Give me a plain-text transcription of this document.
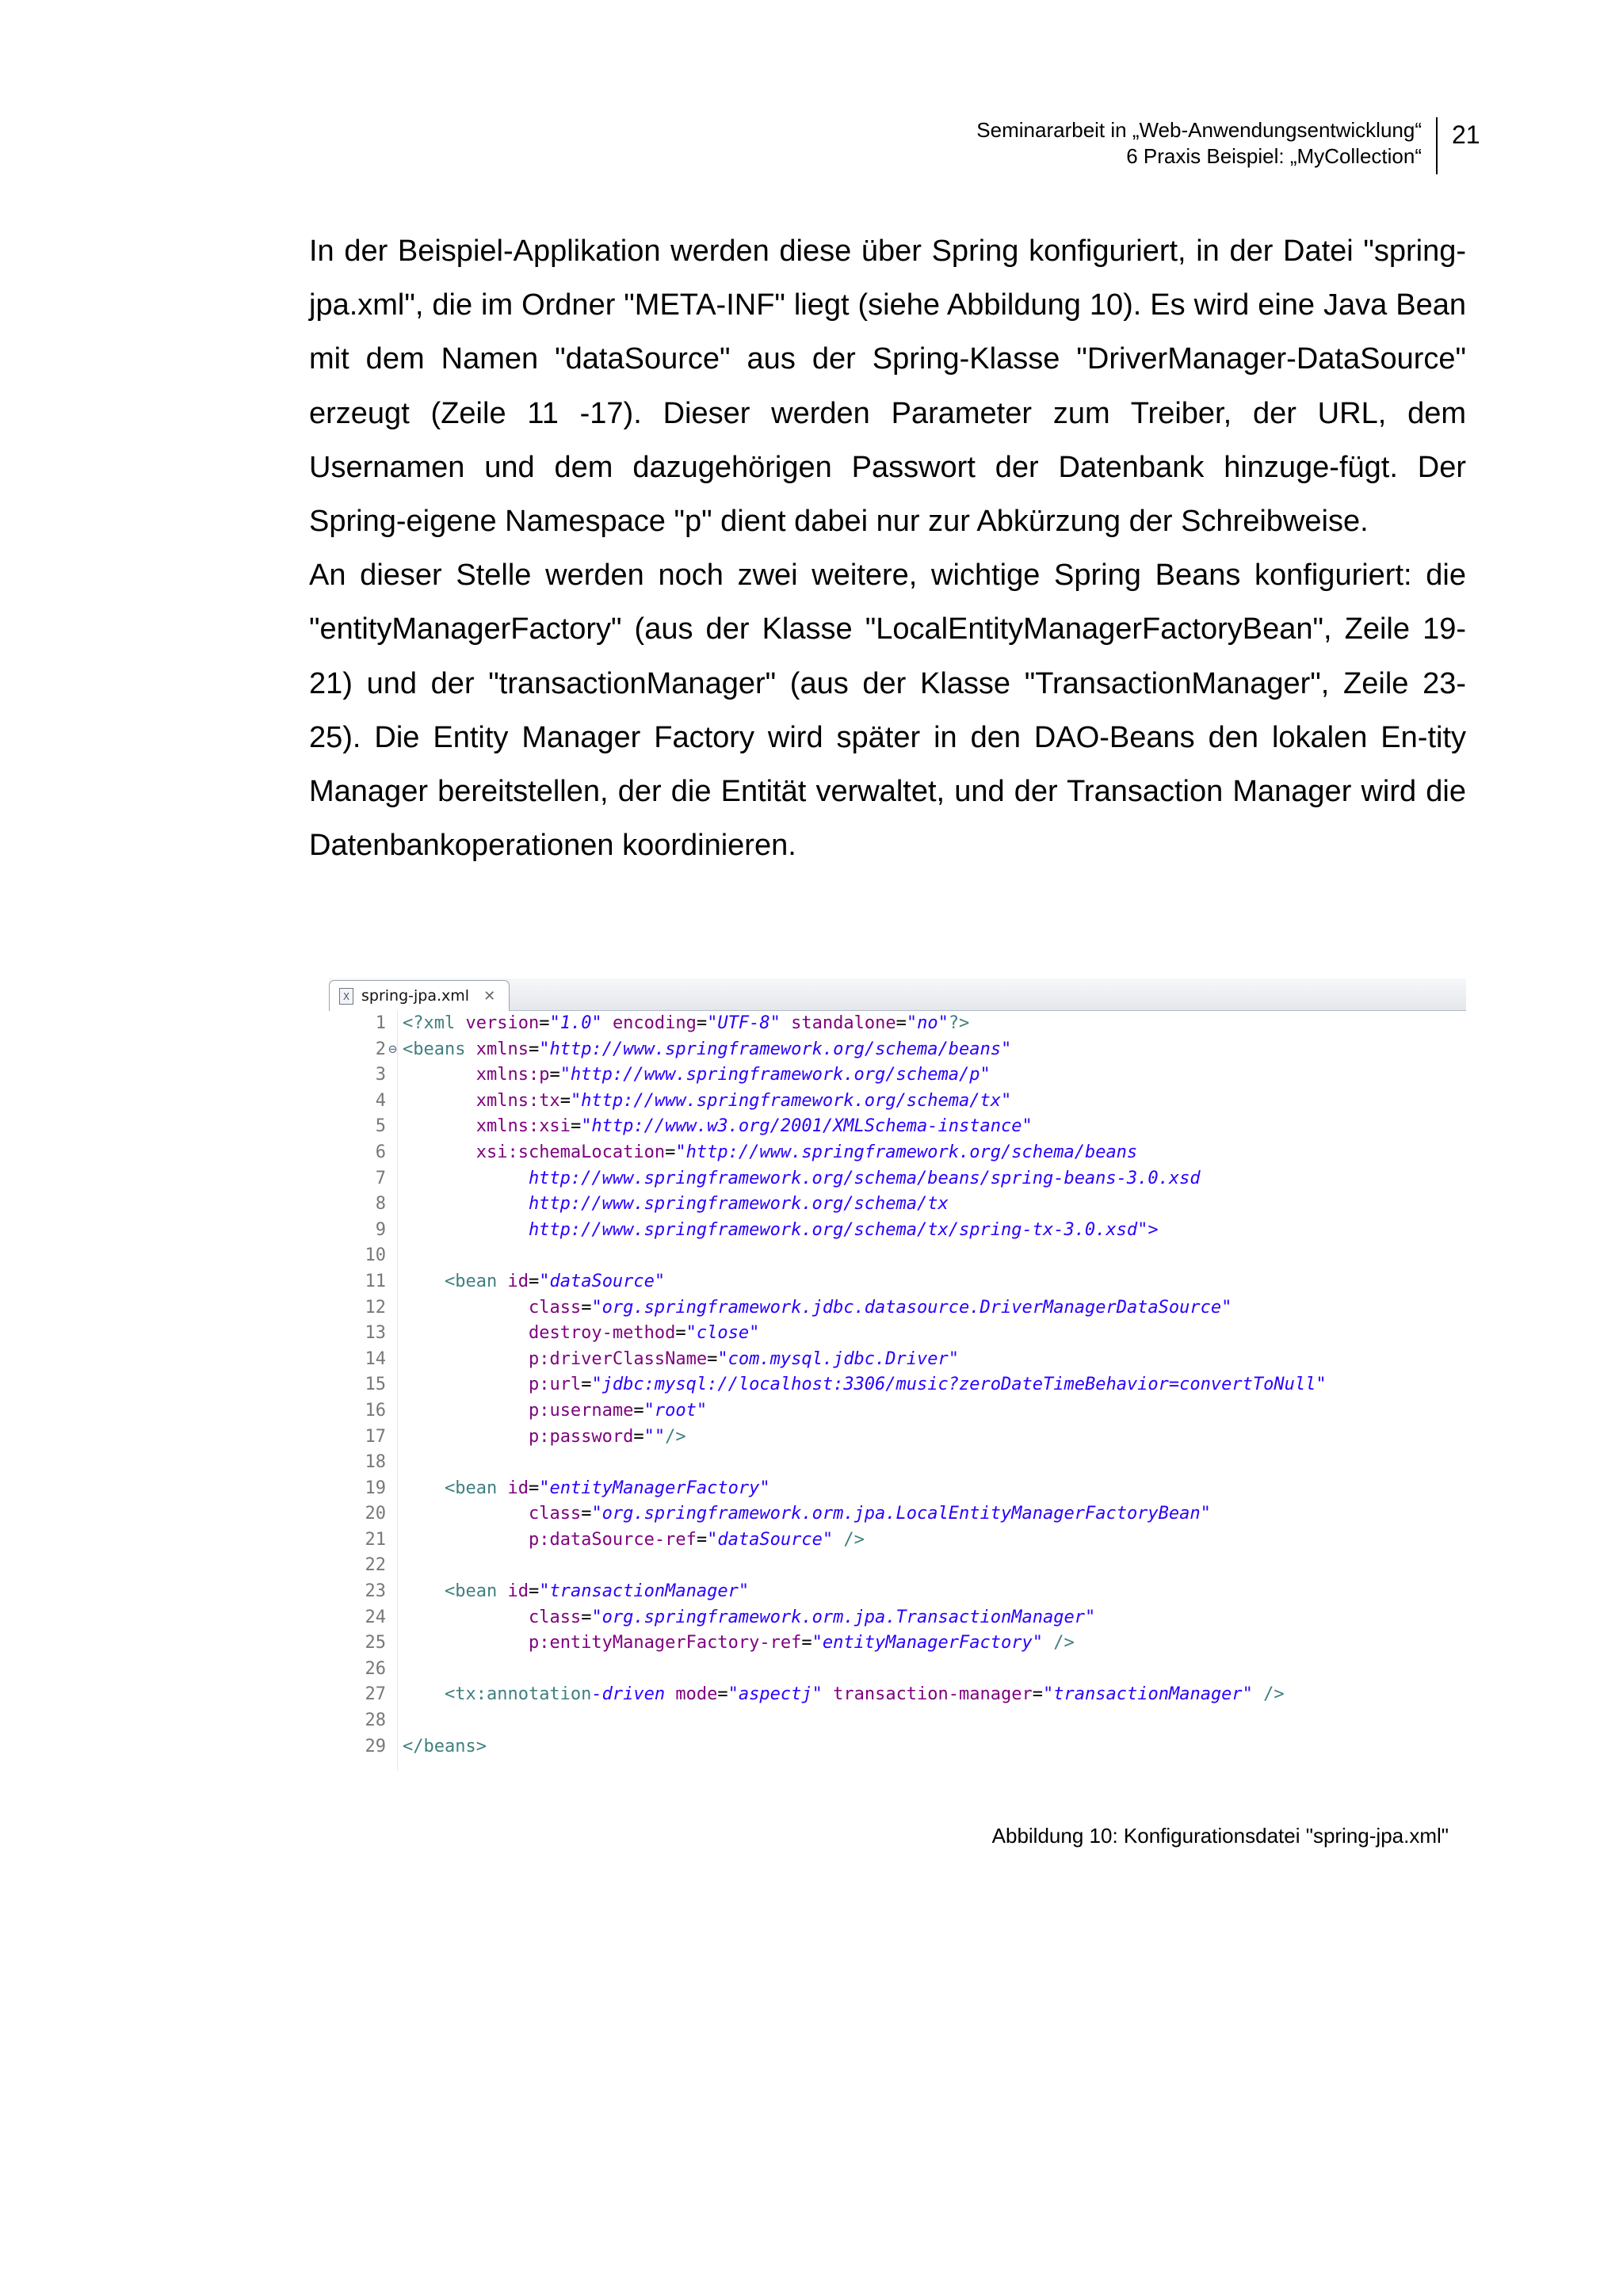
Seminararbeit in „Web-Anwendungsentwicklung“
6 Praxis Beispiel: „MyCollection“
21

In der Beispiel-Applikation werden diese über Spring konfiguriert, in der Datei "spring-jpa.xml", die im Ordner "META-INF" liegt (siehe Abbildung 10). Es wird eine Java Bean mit dem Namen "dataSource" aus der Spring-Klasse "DriverManager-DataSource" erzeugt (Zeile 11 -17). Dieser werden Parameter zum Treiber, der URL, dem Usernamen und dem dazugehörigen Passwort der Datenbank hinzuge-fügt. Der Spring-eigene Namespace "p" dient dabei nur zur Abkürzung der Schreibweise.

An dieser Stelle werden noch zwei weitere, wichtige Spring Beans konfiguriert: die "entityManagerFactory" (aus der Klasse "LocalEntityManagerFactoryBean", Zeile 19-21) und der "transactionManager" (aus der Klasse "TransactionManager", Zeile 23-25). Die Entity Manager Factory wird später in den DAO-Beans den lokalen En-tity Manager bereitstellen, der die Entität verwaltet, und der Transaction Manager wird die Datenbankoperationen koordinieren.

X spring-jpa.xml ✕
1
2 ⊖
3
4
5
6
7
8
9
10
11
12
13
14
15
16
17
18
19
20
21
22
23
24
25
26
27
28
29
<?xml version="1.0" encoding="UTF-8" standalone="no"?>
<beans xmlns="http://www.springframework.org/schema/beans"
xmlns:p="http://www.springframework.org/schema/p"
xmlns:tx="http://www.springframework.org/schema/tx"
xmlns:xsi="http://www.w3.org/2001/XMLSchema-instance"
xsi:schemaLocation="http://www.springframework.org/schema/beans
http://www.springframework.org/schema/beans/spring-beans-3.0.xsd
http://www.springframework.org/schema/tx
http://www.springframework.org/schema/tx/spring-tx-3.0.xsd">
<bean id="dataSource"
class="org.springframework.jdbc.datasource.DriverManagerDataSource"
destroy-method="close"
p:driverClassName="com.mysql.jdbc.Driver"
p:url="jdbc:mysql://localhost:3306/music?zeroDateTimeBehavior=convertToNull"
p:username="root"
p:password=""/>
<bean id="entityManagerFactory"
class="org.springframework.orm.jpa.LocalEntityManagerFactoryBean"
p:dataSource-ref="dataSource" />
<bean id="transactionManager"
class="org.springframework.orm.jpa.TransactionManager"
p:entityManagerFactory-ref="entityManagerFactory" />
<tx:annotation-driven mode="aspectj" transaction-manager="transactionManager" />
</beans>
Abbildung 10: Konfigurationsdatei "spring-jpa.xml"
